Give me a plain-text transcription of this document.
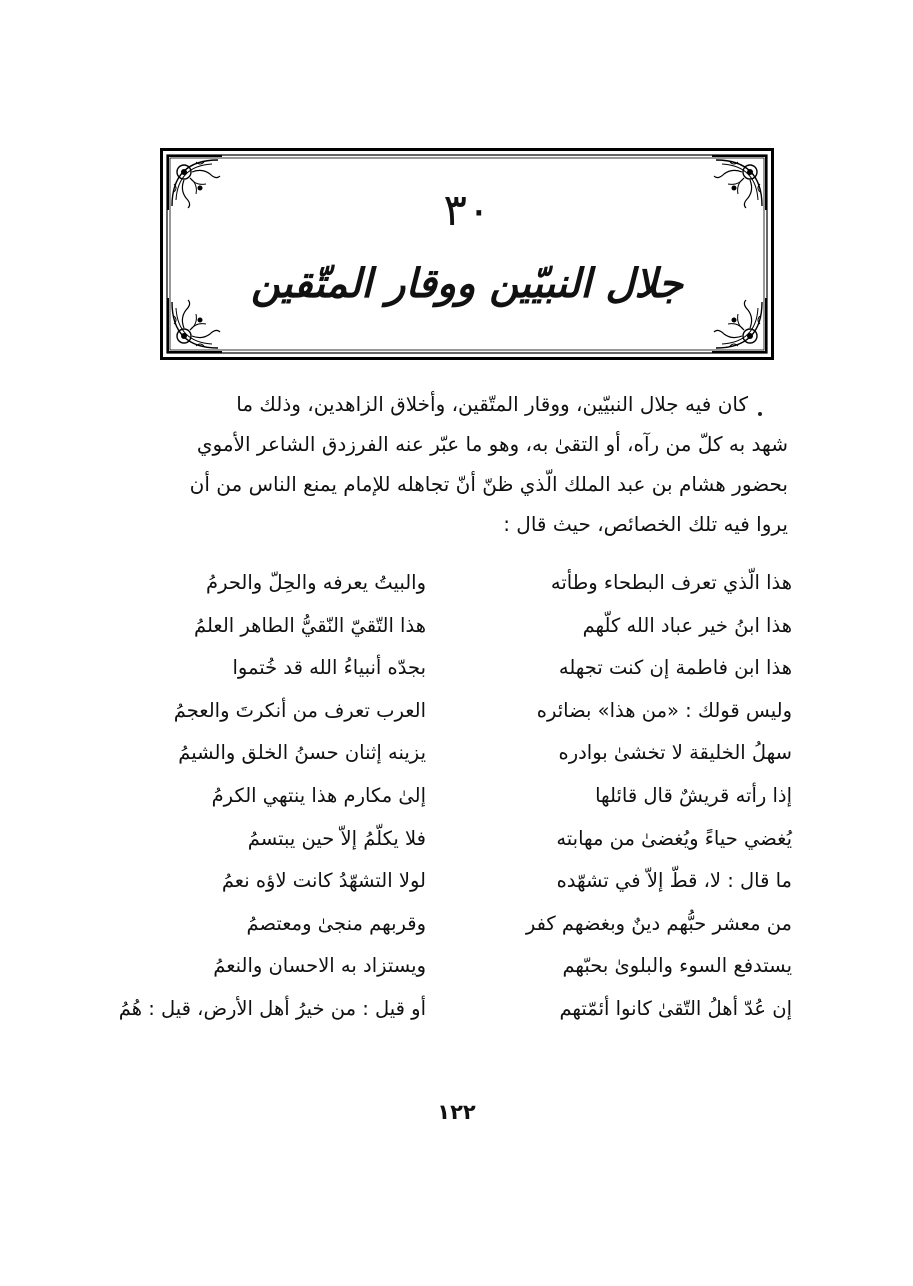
٣٠
جلال النبيّين ووقار المتّقين

كان فيه جلال النبيّين، ووقار المتّقين، وأخلاق الزاهدين، وذلك ما

شهد به كلّ من رآه، أو التقىٰ به، وهو ما عبّر عنه الفرزدق الشاعر الأموي

بحضور هشام بن عبد الملك الّذي ظنّ أنّ تجاهله للإمام يمنع الناس من أن

يروا فيه تلك الخصائص، حيث قال :

هذا الّذي تعرف البطحاء وطأته
والبيتُ يعرفه والحِلّ والحرمُ
هذا ابنُ خير عباد الله كلّهم
هذا التّقيّ النّقيُّ الطاهر العلمُ
هذا ابن فاطمة إن كنت تجهله
بجدّه أنبياءُ الله قد خُتموا
وليس قولك : «من هذا» بضائره
العرب تعرف من أنكرتَ والعجمُ
سهلُ الخليقة لا تخشىٰ بوادره
يزينه إثنان حسنُ الخلق والشيمُ
إذا رأته قريشٌ قال قائلها
إلىٰ مكارم هذا ينتهي الكرمُ
يُغضي حياءً ويُغضىٰ من مهابته
فلا يكلّمُ إلاّ حين يبتسمُ
ما قال : لا، قطّ إلاّ في تشهّده
لولا التشهّدُ كانت لاؤه نعمُ
من معشر حبُّهم دينٌ وبغضهم كفر
وقربهم منجىٰ ومعتصمُ
يستدفع السوء والبلوىٰ بحبّهم
ويستزاد به الاحسان والنعمُ
إن عُدّ أهلُ التّقىٰ كانوا أئمّتهم
أو قيل : من خيرُ أهل الأرض، قيل : هُمُ
١٢٢
